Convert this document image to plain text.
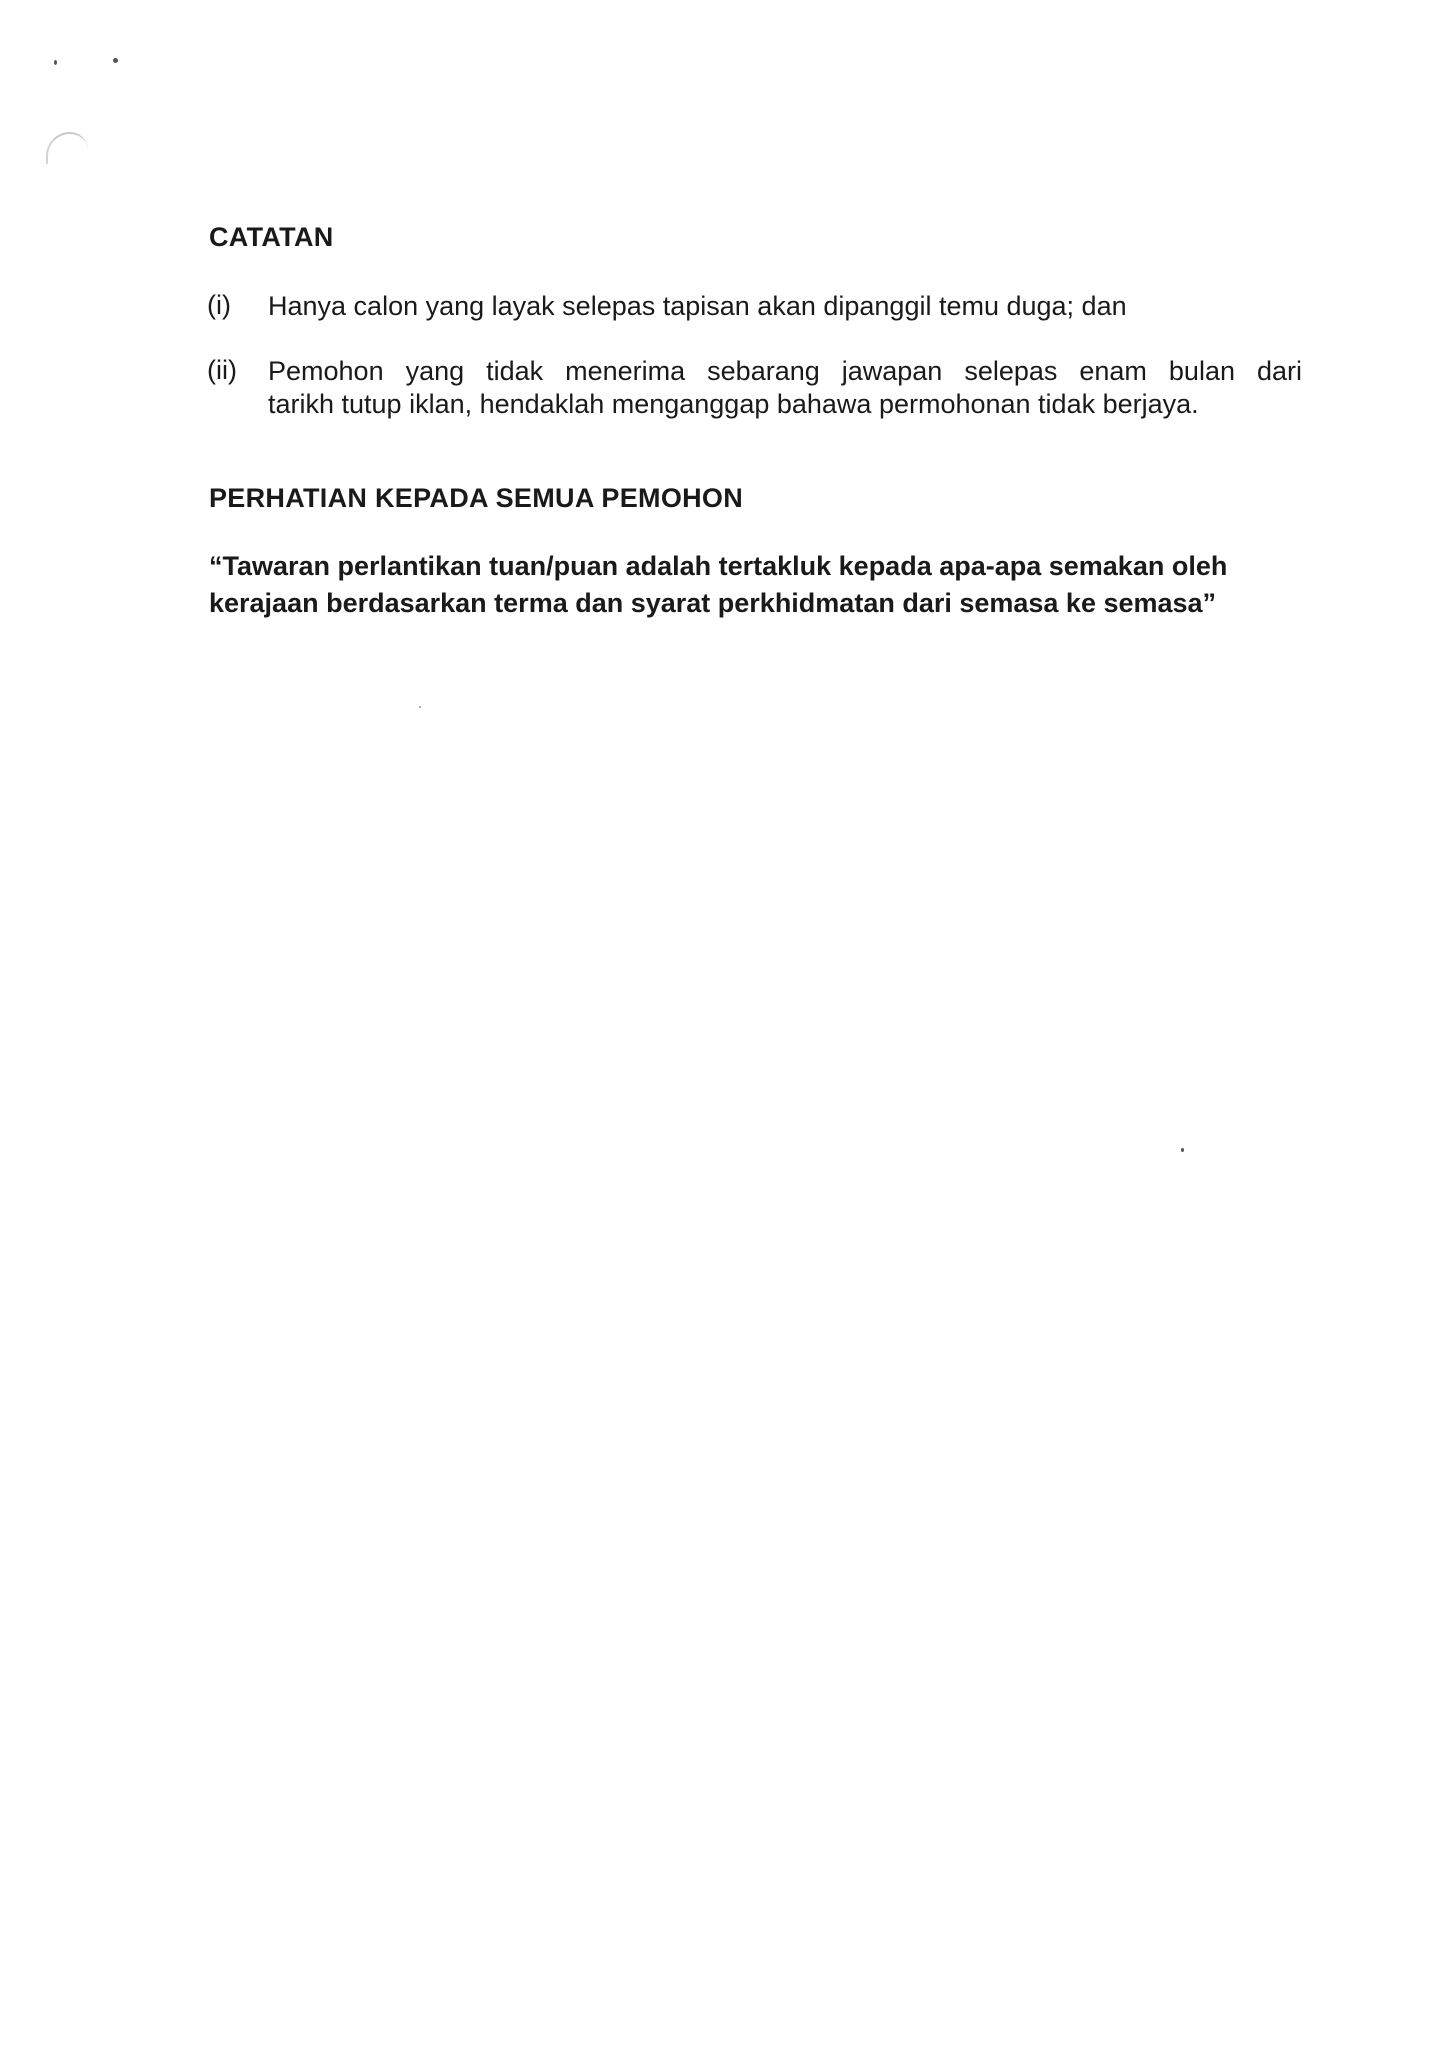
CATATAN
(i) Hanya calon yang layak selepas tapisan akan dipanggil temu duga; dan
(ii) Pemohon yang tidak menerima sebarang jawapan selepas enam bulan dari
tarikh tutup iklan, hendaklah menganggap bahawa permohonan tidak berjaya.
PERHATIAN KEPADA SEMUA PEMOHON
“Tawaran perlantikan tuan/puan adalah tertakluk kepada apa-apa semakan oleh
kerajaan berdasarkan terma dan syarat perkhidmatan dari semasa ke semasa”
